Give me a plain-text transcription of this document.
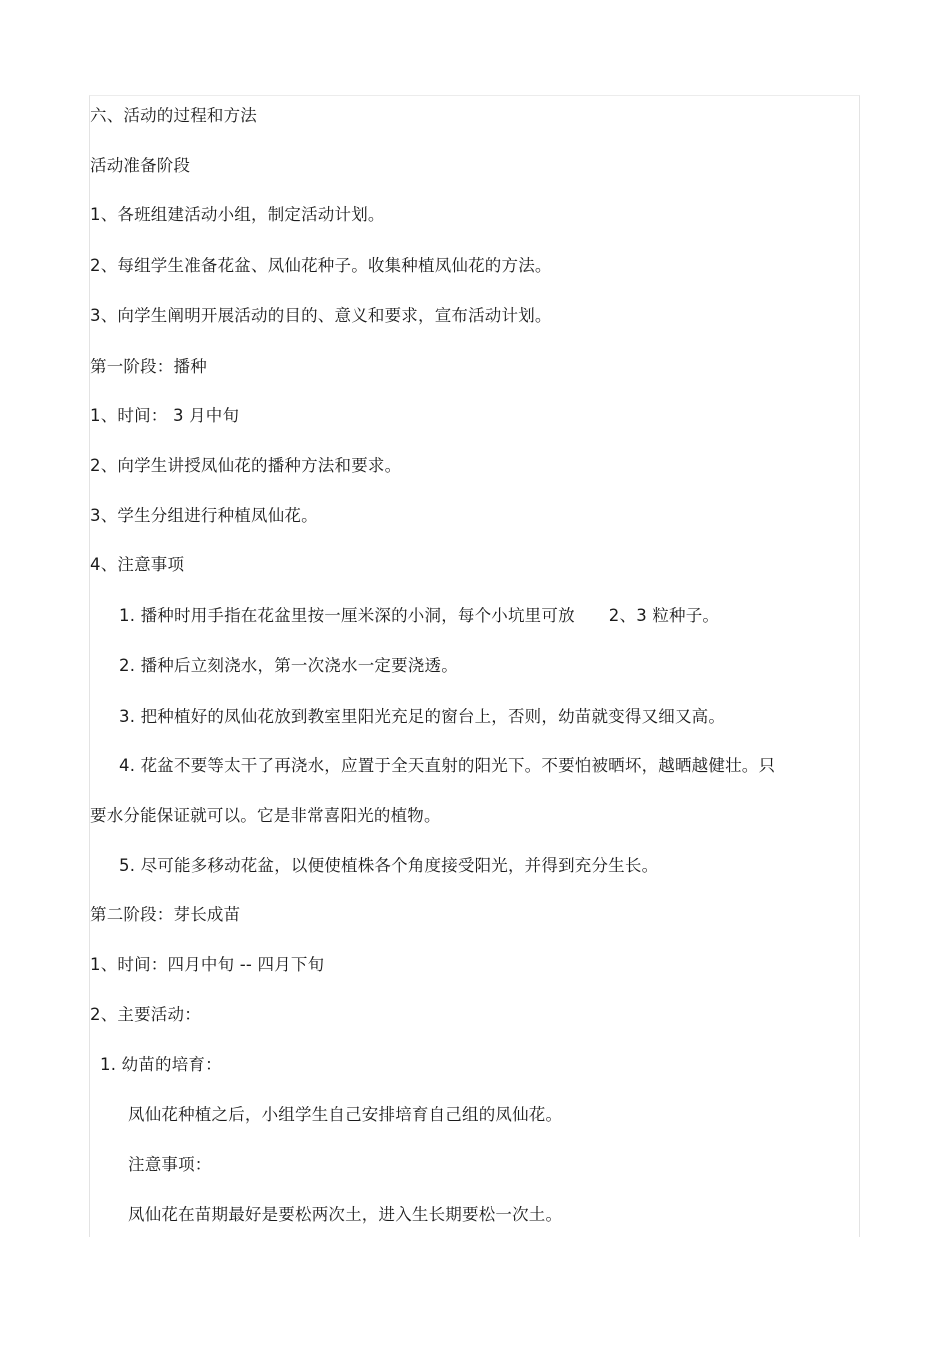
六、活动的过程和方法
活动准备阶段
1、各班组建活动小组，制定活动计划。
2、每组学生准备花盆、凤仙花种子。收集种植凤仙花的方法。
3、向学生阐明开展活动的目的、意义和要求，宣布活动计划。
第一阶段：播种
1、时间： 3 月中旬
2、向学生讲授凤仙花的播种方法和要求。
3、学生分组进行种植凤仙花。
4、注意事项
1. 播种时用手指在花盆里按一厘米深的小洞，每个小坑里可放 2、3 粒种子。
2. 播种后立刻浇水，第一次浇水一定要浇透。
3. 把种植好的凤仙花放到教室里阳光充足的窗台上，否则，幼苗就变得又细又高。
4. 花盆不要等太干了再浇水，应置于全天直射的阳光下。不要怕被晒坏，越晒越健壮。只
要水分能保证就可以。它是非常喜阳光的植物。
5. 尽可能多移动花盆，以便使植株各个角度接受阳光，并得到充分生长。
第二阶段：芽长成苗
1、时间：四月中旬 -- 四月下旬
2、主要活动：
1. 幼苗的培育：
凤仙花种植之后，小组学生自己安排培育自己组的凤仙花。
注意事项：
凤仙花在苗期最好是要松两次土，进入生长期要松一次土。
